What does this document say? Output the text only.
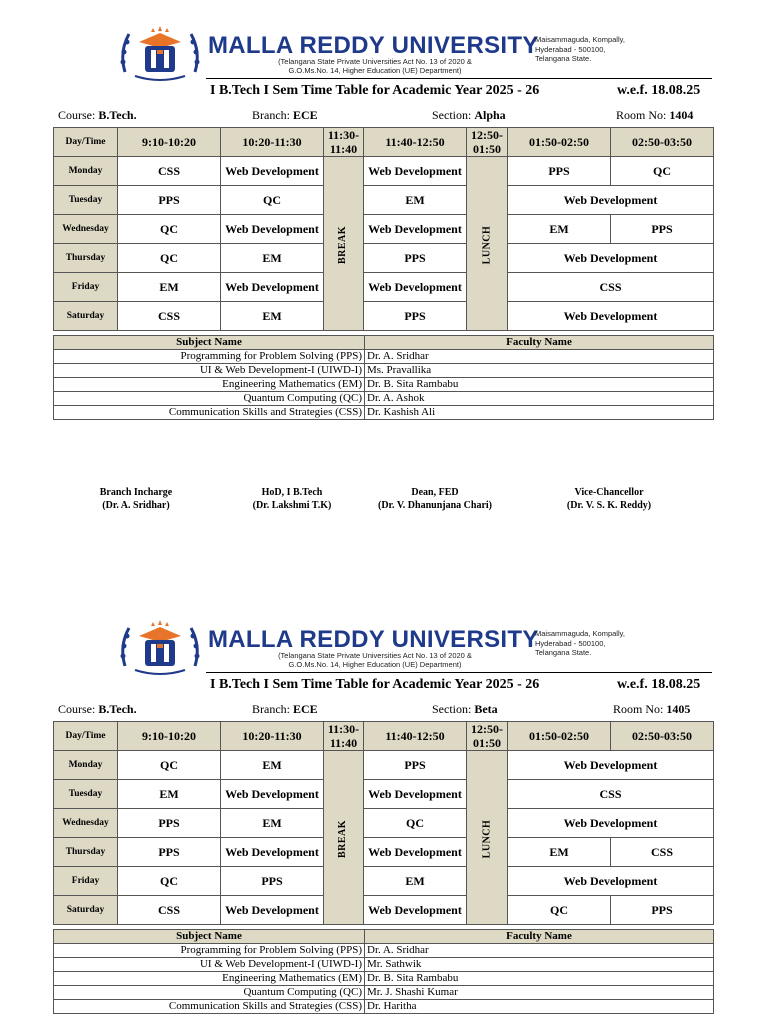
MALLA REDDY UNIVERSITY
(Telangana State Private Universities Act No. 13 of 2020 &
G.O.Ms.No. 14, Higher Education (UE) Department)
Maisammaguda, Kompally,
Hyderabad - 500100,
Telangana State.
I B.Tech I Sem Time Table for Academic Year 2025 - 26	w.e.f. 18.08.25
Course: B.Tech.	Branch: ECE	Section: Alpha	Room No: 1404
Day/Time	9:10-10:20	10:20-11:30	11:30-11:40	11:40-12:50	12:50-01:50	01:50-02:50	02:50-03:50
Monday	CSS	Web Development	BREAK	Web Development	LUNCH	PPS	QC
Tuesday	PPS	QC		EM		Web Development	
Wednesday	QC	Web Development		Web Development		EM	PPS
Thursday	QC	EM		PPS		Web Development	
Friday	EM	Web Development		Web Development		CSS	
Saturday	CSS	EM		PPS		Web Development	
Subject Name	Faculty Name
Programming for Problem Solving (PPS)	Dr. A. Sridhar
UI & Web Development-I (UIWD-I)	Ms. Pravallika
Engineering Mathematics (EM)	Dr. B. Sita Rambabu
Quantum Computing (QC)	Dr. A. Ashok
Communication Skills and Strategies (CSS)	Dr. Kashish Ali
Branch Incharge
(Dr. A. Sridhar)
HoD, I B.Tech
(Dr. Lakshmi T.K)
Dean, FED
(Dr. V. Dhanunjana Chari)
Vice-Chancellor
(Dr. V. S. K. Reddy)
MALLA REDDY UNIVERSITY
(Telangana State Private Universities Act No. 13 of 2020 &
G.O.Ms.No. 14, Higher Education (UE) Department)
Maisammaguda, Kompally,
Hyderabad - 500100,
Telangana State.
I B.Tech I Sem Time Table for Academic Year 2025 - 26	w.e.f. 18.08.25
Course: B.Tech.	Branch: ECE	Section: Beta	Room No: 1405
Day/Time	9:10-10:20	10:20-11:30	11:30-11:40	11:40-12:50	12:50-01:50	01:50-02:50	02:50-03:50
Monday	QC	EM	BREAK	PPS	LUNCH	Web Development	
Tuesday	EM	Web Development		Web Development		CSS	
Wednesday	PPS	EM		QC		Web Development	
Thursday	PPS	Web Development		Web Development		EM	CSS
Friday	QC	PPS		EM		Web Development	
Saturday	CSS	Web Development		Web Development		QC	PPS
Subject Name	Faculty Name
Programming for Problem Solving (PPS)	Dr. A. Sridhar
UI & Web Development-I (UIWD-I)	Mr. Sathwik
Engineering Mathematics (EM)	Dr. B. Sita Rambabu
Quantum Computing (QC)	Mr. J. Shashi Kumar
Communication Skills and Strategies (CSS)	Dr. Haritha
